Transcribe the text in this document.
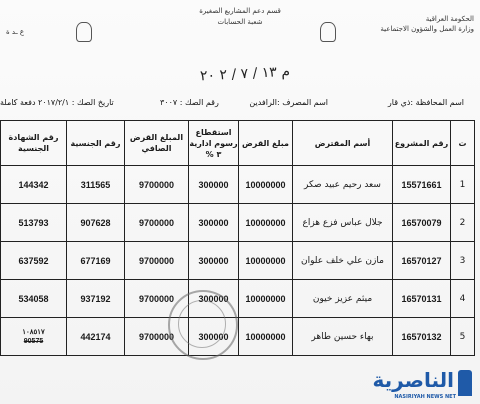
قسم دعم المشاريع الصغيرة
شعبة الحسابات	الحكومة العراقية
وزارة العمل والشؤون الاجتماعية
ع ـد ة
م ١٣ / ٧ / ٢ ٢٠
اسم المحافظة :ذي قار
اسم المصرف :الرافدين
رقم الصك : ٣٠٠٧
تاريخ الصك : ٢٠١٧/٢/١
دفعة كاملة
ت	رقم المشروع	أسم المقترض	مبلغ القرض	استقطاع رسوم ادارية ٣ %	المبلغ القرض الصافي	رقم الجنسية	رقم الشهادة الجنسية
1	15571661	سعد رحيم عبيد صكر	10000000	300000	9700000	311565	144342
2	16570079	جلال عباس فزع هزاع	10000000	300000	9700000	907628	513793
3	16570127	مازن علي خلف علوان	10000000	300000	9700000	677169	637592
4	16570131	ميثم عزيز خيون	10000000	300000	9700000	937192	534058
5	16570132	بهاء حسين طاهر	10000000	300000	9700000	442174	١٠٨٥١٧
90575
الناصرية
NASIRIYAH NEWS NET
